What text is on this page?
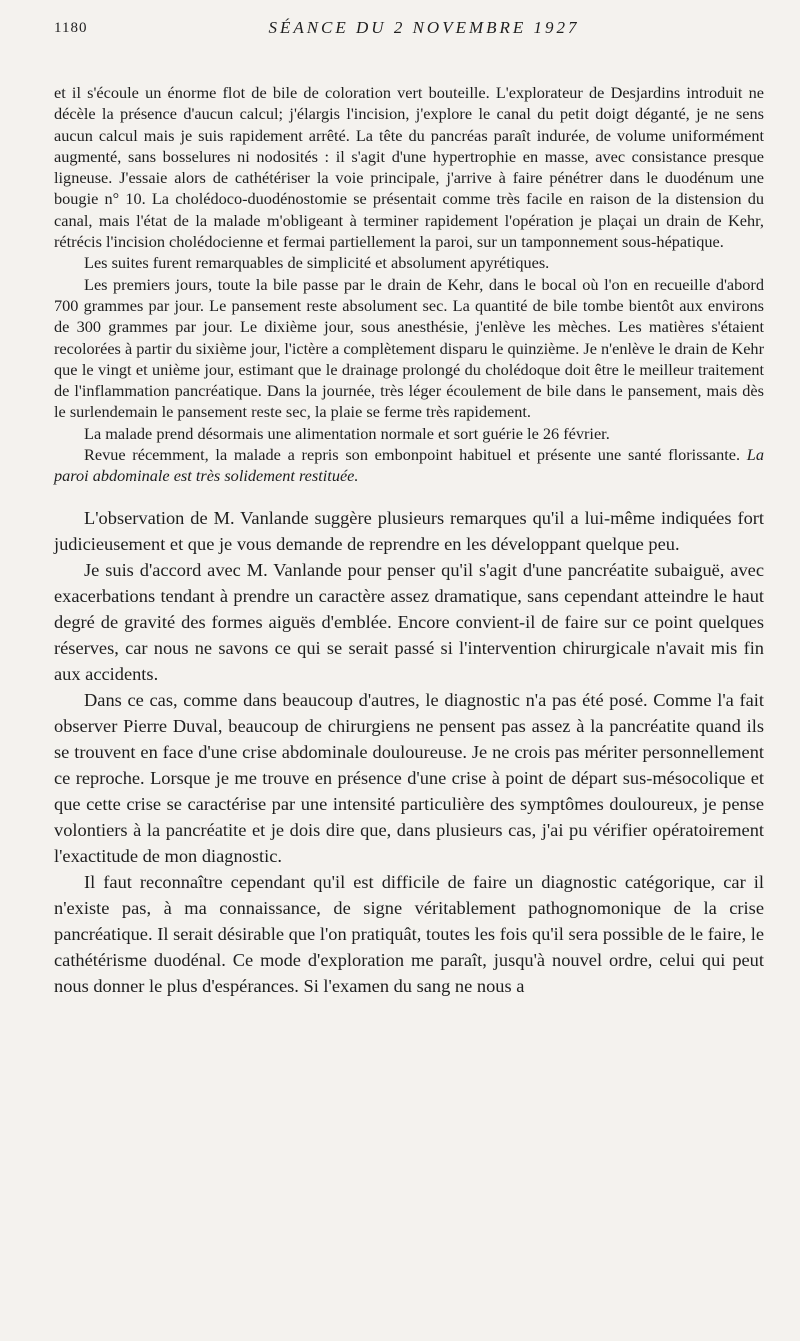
1180	SÉANCE DU 2 NOVEMBRE 1927

et il s'écoule un énorme flot de bile de coloration vert bouteille. L'explorateur de Desjardins introduit ne décèle la présence d'aucun calcul; j'élargis l'incision, j'explore le canal du petit doigt déganté, je ne sens aucun calcul mais je suis rapidement arrêté. La tête du pancréas paraît indurée, de volume uniformément augmenté, sans bosselures ni nodosités : il s'agit d'une hypertrophie en masse, avec consistance presque ligneuse. J'essaie alors de cathétériser la voie principale, j'arrive à faire pénétrer dans le duodénum une bougie n° 10. La cholédoco-duodénostomie se présentait comme très facile en raison de la distension du canal, mais l'état de la malade m'obligeant à terminer rapidement l'opération je plaçai un drain de Kehr, rétrécis l'incision cholédocienne et fermai partiellement la paroi, sur un tamponnement sous-hépatique.

Les suites furent remarquables de simplicité et absolument apyrétiques.

Les premiers jours, toute la bile passe par le drain de Kehr, dans le bocal où l'on en recueille d'abord 700 grammes par jour. Le pansement reste absolument sec. La quantité de bile tombe bientôt aux environs de 300 grammes par jour. Le dixième jour, sous anesthésie, j'enlève les mèches. Les matières s'étaient recolorées à partir du sixième jour, l'ictère a complètement disparu le quinzième. Je n'enlève le drain de Kehr que le vingt et unième jour, estimant que le drainage prolongé du cholédoque doit être le meilleur traitement de l'inflammation pancréatique. Dans la journée, très léger écoulement de bile dans le pansement, mais dès le surlendemain le pansement reste sec, la plaie se ferme très rapidement.

La malade prend désormais une alimentation normale et sort guérie le 26 février.

Revue récemment, la malade a repris son embonpoint habituel et présente une santé florissante. La paroi abdominale est très solidement restituée.

L'observation de M. Vanlande suggère plusieurs remarques qu'il a lui-même indiquées fort judicieusement et que je vous demande de reprendre en les développant quelque peu.

Je suis d'accord avec M. Vanlande pour penser qu'il s'agit d'une pancréatite subaiguë, avec exacerbations tendant à prendre un caractère assez dramatique, sans cependant atteindre le haut degré de gravité des formes aiguës d'emblée. Encore convient-il de faire sur ce point quelques réserves, car nous ne savons ce qui se serait passé si l'intervention chirurgicale n'avait mis fin aux accidents.

Dans ce cas, comme dans beaucoup d'autres, le diagnostic n'a pas été posé. Comme l'a fait observer Pierre Duval, beaucoup de chirurgiens ne pensent pas assez à la pancréatite quand ils se trouvent en face d'une crise abdominale douloureuse. Je ne crois pas mériter personnellement ce reproche. Lorsque je me trouve en présence d'une crise à point de départ sus-mésocolique et que cette crise se caractérise par une intensité particulière des symptômes douloureux, je pense volontiers à la pancréatite et je dois dire que, dans plusieurs cas, j'ai pu vérifier opératoirement l'exactitude de mon diagnostic.

Il faut reconnaître cependant qu'il est difficile de faire un diagnostic catégorique, car il n'existe pas, à ma connaissance, de signe véritablement pathognomonique de la crise pancréatique. Il serait désirable que l'on pratiquât, toutes les fois qu'il sera possible de le faire, le cathétérisme duodénal. Ce mode d'exploration me paraît, jusqu'à nouvel ordre, celui qui peut nous donner le plus d'espérances. Si l'examen du sang ne nous a
